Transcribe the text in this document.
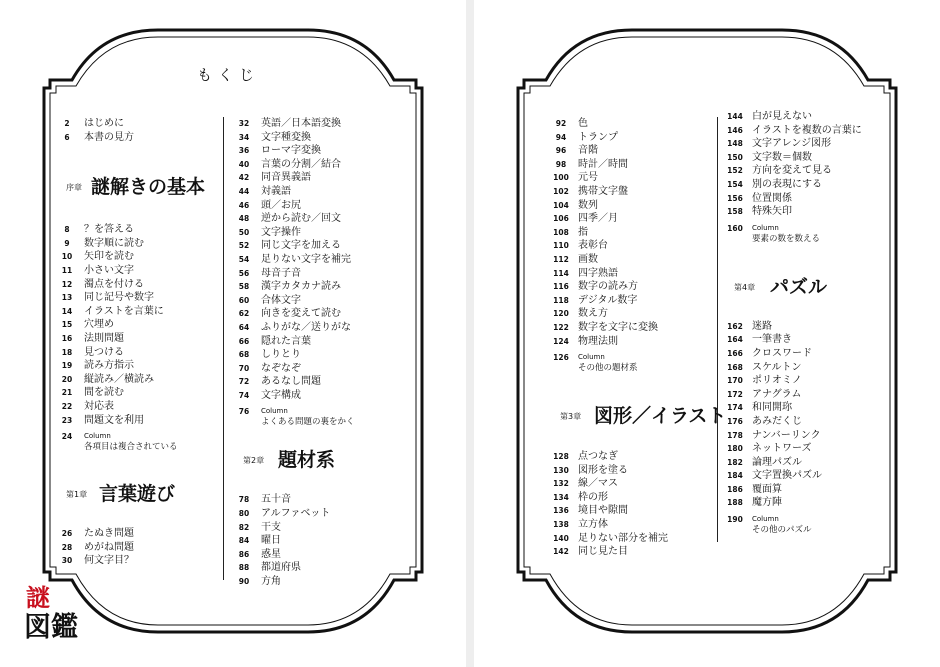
もくじ
2	はじめに
6	本書の見方
序章 謎解きの基本
8	？を答える
9	数字順に読む
10	矢印を読む
11	小さい文字
12	濁点を付ける
13	同じ記号や数字
14	イラストを言葉に
15	穴埋め
16	法則問題
18	見つける
19	読み方指示
20	縦読み／横読み
21	間を読む
22	対応表
23	問題文を利用
24	Column
各項目は複合されている
第1章 言葉遊び
26	たぬき問題
28	めがね問題
30	何文字目？
32	英語／日本語変換
34	文字種変換
36	ローマ字変換
40	言葉の分割／結合
42	同音異義語
44	対義語
46	頭／お尻
48	逆から読む／回文
50	文字操作
52	同じ文字を加える
54	足りない文字を補完
56	母音子音
58	漢字カタカナ読み
60	合体文字
62	向きを変えて読む
64	ふりがな／送りがな
66	隠れた言葉
68	しりとり
70	なぞなぞ
72	あるなし問題
74	文字構成
76	Column
よくある問題の裏をかく
第2章 題材系
78	五十音
80	アルファベット
82	干支
84	曜日
86	惑星
88	都道府県
90	方角
謎
図鑑
92	色
94	トランプ
96	音階
98	時計／時間
100 元号
102 携帯文字盤
104 数列
106 四季／月
108 指
110 表彰台
112 画数
114 四字熟語
116 数字の読み方
118 デジタル数字
120 数え方
122 数字を文字に変換
124 物理法則
126	Column
その他の題材系
第3章 図形／イラスト
128 点つなぎ
130 図形を塗る
132 線／マス
134 枠の形
136 境目や隙間
138 立方体
140 足りない部分を補完
142 同じ見た目
144 白が見えない
146 イラストを複数の言葉に
148 文字アレンジ図形
150 文字数＝個数
152 方向を変えて見る
154 別の表現にする
156 位置関係
158 特殊矢印
160	Column
要素の数を数える
第4章 パズル
162 迷路
164 一筆書き
166 クロスワード
168 スケルトン
170 ポリオミノ
172 アナグラム
174 和同開珎
176 あみだくじ
178 ナンバーリンク
180 ネットワーズ
182 論理パズル
184 文字置換パズル
186 覆面算
188 魔方陣
190	Column
その他のパズル
